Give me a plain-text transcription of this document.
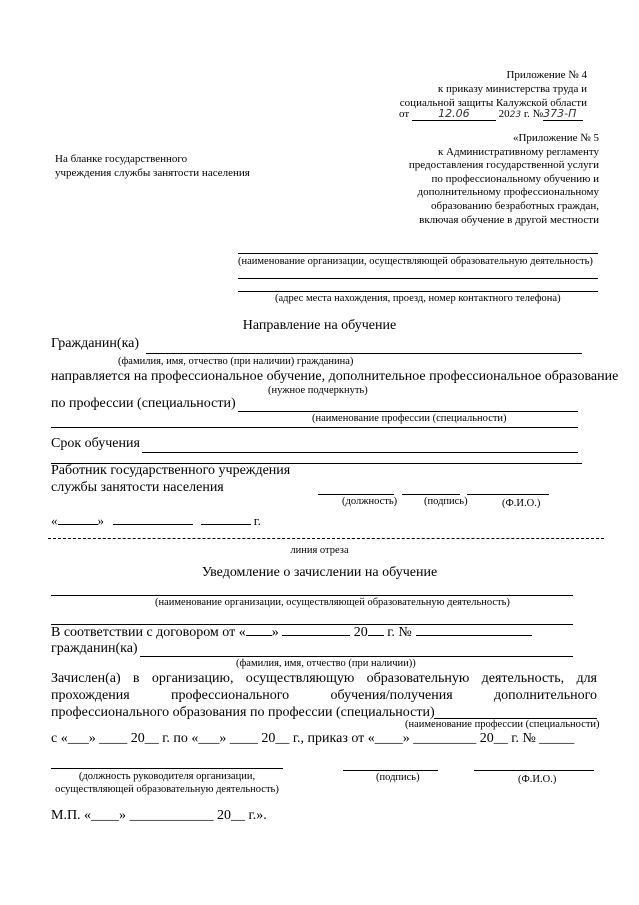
Приложение № 4
к приказу министерства труда и
социальной защиты Калужской области
от	12.06	2023 г. №373-П
«Приложение № 5
к Административному регламенту
предоставления государственной услуги
по профессиональному обучению и
дополнительному профессиональному
образованию безработных граждан,
включая обучение в другой местности
На бланке государственного
учреждения службы занятости населения
(наименование организации, осуществляющей образовательную деятельность)
(адрес места нахождения, проезд, номер контактного телефона)
Направление на обучение
Гражданин(ка)
(фамилия, имя, отчество (при наличии) гражданина)
направляется на профессиональное обучение, дополнительное профессиональное образование
(нужное подчеркнуть)
по профессии (специальности)
(наименование профессии (специальности)
Срок обучения
Работник государственного учреждения
службы занятости населения
(должность)	(подпись)	(Ф.И.О.)
«	»	г.
линия отреза
Уведомление о зачислении на обучение
(наименование организации, осуществляющей образовательную деятельность)
В соответствии с договором от « »	20 г. №
гражданин(ка)
(фамилия, имя, отчество (при наличии))
Зачислен(а) в организацию, осуществляющую образовательную деятельность, для
прохождения профессионального обучения/получения дополнительного
профессионального образования по профессии (специальности)
(наименование профессии (специальности)
с «___» ____ 20__ г. по «___» ____ 20__ г., приказ от «____» _________ 20__ г. № _____
(должность руководителя организации,
осуществляющей образовательную деятельность)
(подпись)	(Ф.И.О.)
М.П. «____» ____________ 20__ г.».
